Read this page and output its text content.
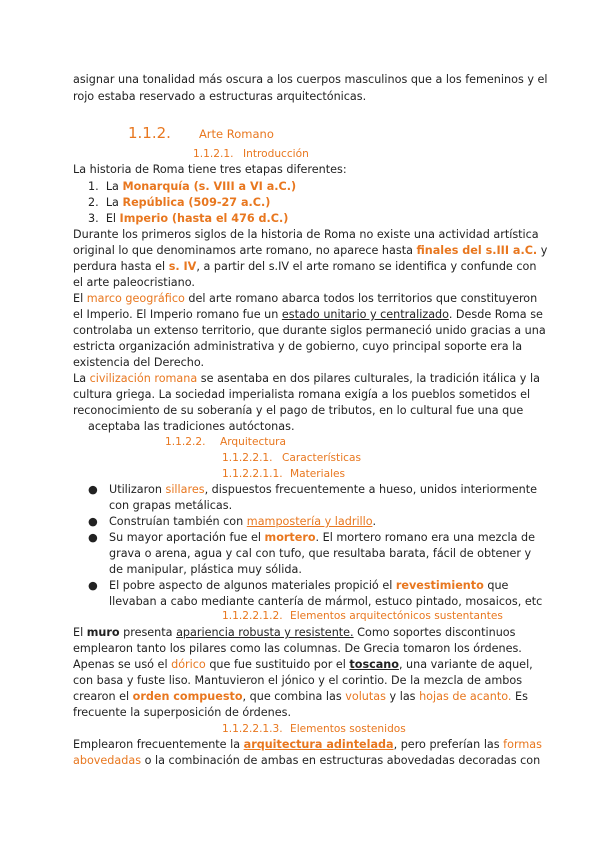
asignar una tonalidad más oscura a los cuerpos masculinos que a los femeninos y el

rojo estaba reservado a estructuras arquitectónicas.

1.1.2. Arte Romano
1.1.2.1. Introducción

La historia de Roma tiene tres etapas diferentes:

1. La Monarquía (s. VIII a VI a.C.)

2. La República (509-27 a.C.)

3. El Imperio (hasta el 476 d.C.)

Durante los primeros siglos de la historia de Roma no existe una actividad artística

original lo que denominamos arte romano, no aparece hasta finales del s.III a.C. y

perdura hasta el s. IV, a partir del s.IV el arte romano se identifica y confunde con

el arte paleocristiano.

El marco geográfico del arte romano abarca todos los territorios que constituyeron

el Imperio. El Imperio romano fue un estado unitario y centralizado. Desde Roma se

controlaba un extenso territorio, que durante siglos permaneció unido gracias a una

estricta organización administrativa y de gobierno, cuyo principal soporte era la

existencia del Derecho.

La civilización romana se asentaba en dos pilares culturales, la tradición itálica y la

cultura griega. La sociedad imperialista romana exigía a los pueblos sometidos el

reconocimiento de su soberanía y el pago de tributos, en lo cultural fue una que

aceptaba las tradiciones autóctonas.

1.1.2.2. Arquitectura
1.1.2.2.1. Características
1.1.2.2.1.1. Materiales
● Utilizaron sillares, dispuestos frecuentemente a hueso, unidos interiormente
con grapas metálicas.
● Construían también con mampostería y ladrillo.
● Su mayor aportación fue el mortero. El mortero romano era una mezcla de
grava o arena, agua y cal con tufo, que resultaba barata, fácil de obtener y
de manipular, plástica muy sólida.
● El pobre aspecto de algunos materiales propició el revestimiento que
llevaban a cabo mediante cantería de mármol, estuco pintado, mosaicos, etc
1.1.2.2.1.2. Elementos arquitectónicos sustentantes

El muro presenta apariencia robusta y resistente. Como soportes discontinuos

emplearon tanto los pilares como las columnas. De Grecia tomaron los órdenes.

Apenas se usó el dórico que fue sustituido por el toscano, una variante de aquel,

con basa y fuste liso. Mantuvieron el jónico y el corintio. De la mezcla de ambos

crearon el orden compuesto, que combina las volutas y las hojas de acanto. Es

frecuente la superposición de órdenes.

1.1.2.2.1.3. Elementos sostenidos

Emplearon frecuentemente la arquitectura adintelada, pero preferían las formas

abovedadas o la combinación de ambas en estructuras abovedadas decoradas con
